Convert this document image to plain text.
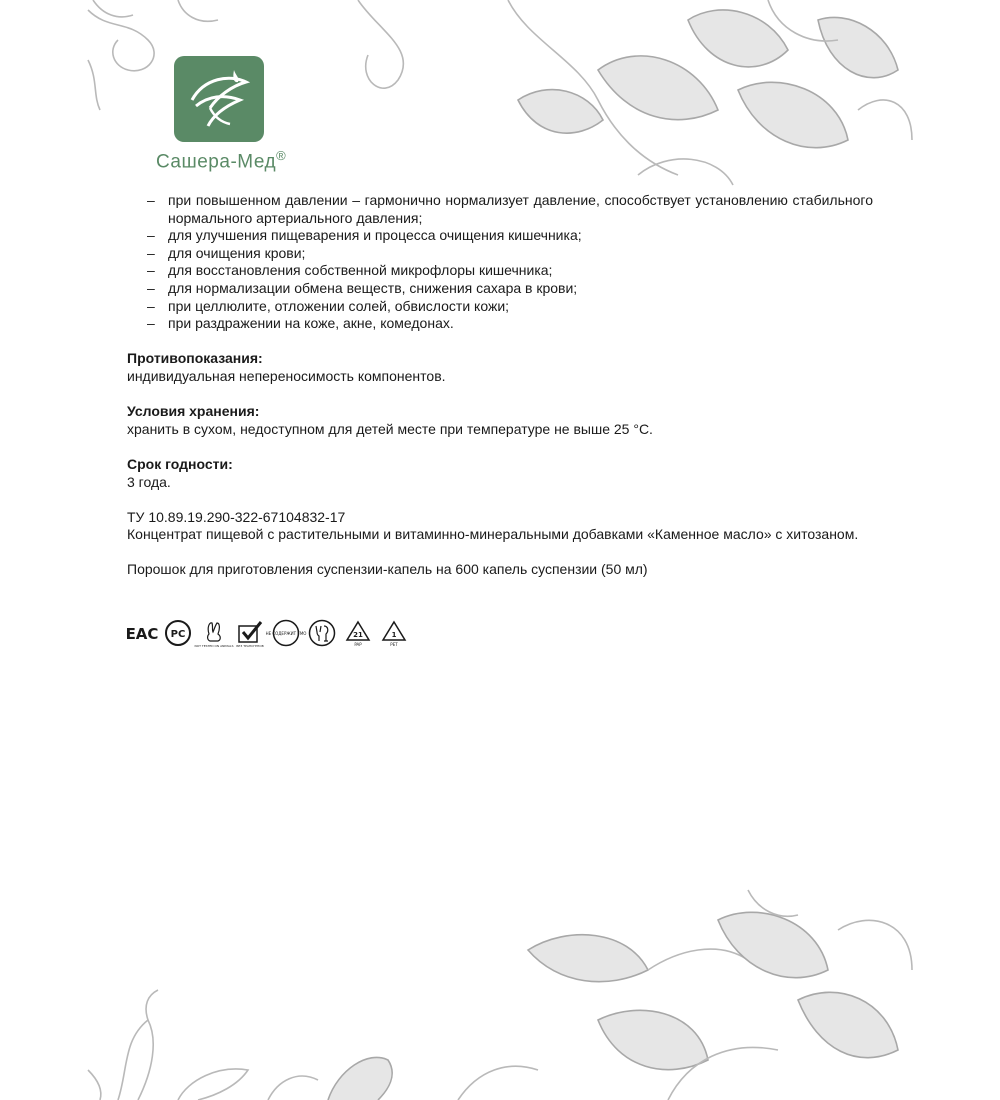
Сашера-Мед®
– при повышенном давлении – гармонично нормализует давление, способствует установлению стабильного нормального артериального давления;
– для улучшения пищеварения и процесса очищения кишечника;
– для очищения крови;
– для восстановления собственной микрофлоры кишечника;
– для нормализации обмена веществ, снижения сахара в крови;
– при целлюлите, отложении солей, обвислости кожи;
– при раздражении на коже, акне, комедонах.
Противопоказания:
индивидуальная непереносимость компонентов.
Условия хранения:
хранить в сухом, недоступном для детей месте при температуре не выше 25 °С.
Срок годности:
3 года.
ТУ 10.89.19.290-322-67104832-17
Концентрат пищевой с растительными и витаминно-минеральными добавками «Каменное масло» с хитозаном.
Порошок для приготовления суспензии-капель на 600 капель суспензии (50 мл)
ЕАС РС
NOT TESTED ON ANIMALS БЕЗ ТРАНСГЕНОВ
НЕ СОДЕРЖИТ ГМО	21
PAP
1
PET
